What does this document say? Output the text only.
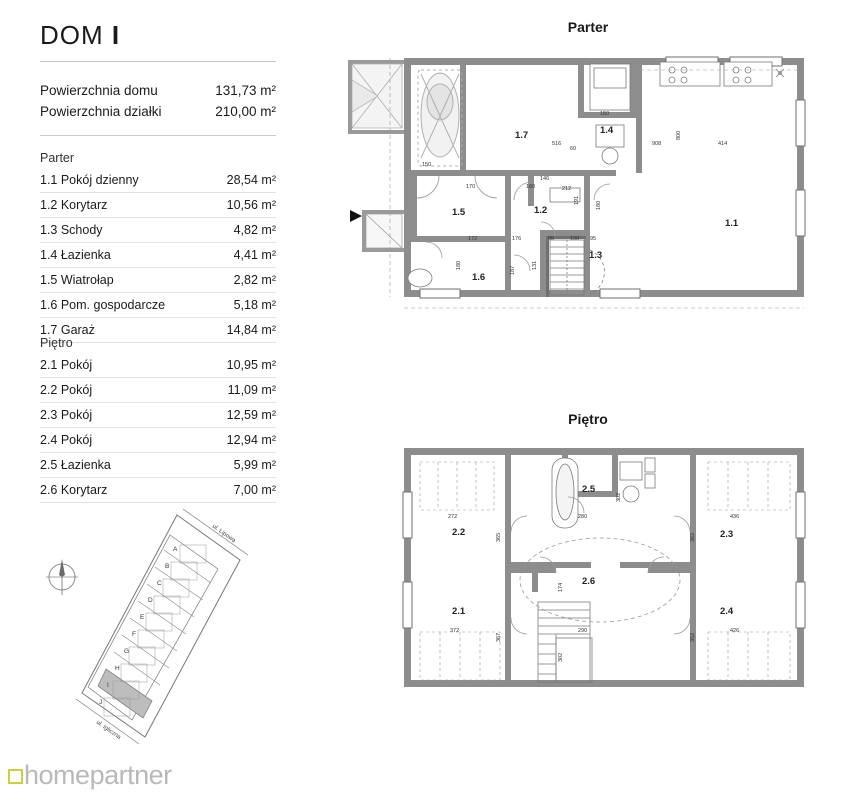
DOM I
Powierzchnia domu	131,73 m²
Powierzchnia działki	210,00 m²
Parter
1.1 Pokój dzienny	28,54 m²
1.2 Korytarz	10,56 m²
1.3 Schody	4,82 m²
1.4 Łazienka	4,41 m²
1.5 Wiatrołap	2,82 m²
1.6 Pom. gospodarcze	5,18 m²
1.7 Garaż	14,84 m²
Piętro
2.1 Pokój	10,95 m²
2.2 Pokój	11,09 m²
2.3 Pokój	12,59 m²
2.4 Pokój	12,94 m²
2.5 Łazienka	5,99 m²
2.6 Korytarz	7,00 m²
A
B
C
D
E
F
G
H
I
J
ul. Lipowa
ul. Igliczna
homepartner
Parter
150
170
172	176	95	100 95
146
212
160
60
516
150
414
908
800
180
187
131
191
180
1.1
1.2
1.3
1.4
1.5
1.6
1.7
Piętro
272	280	436
365	362
302
372	290	426
367	352
174
302
2.2
2.1
2.3
2.4
2.5
2.6
